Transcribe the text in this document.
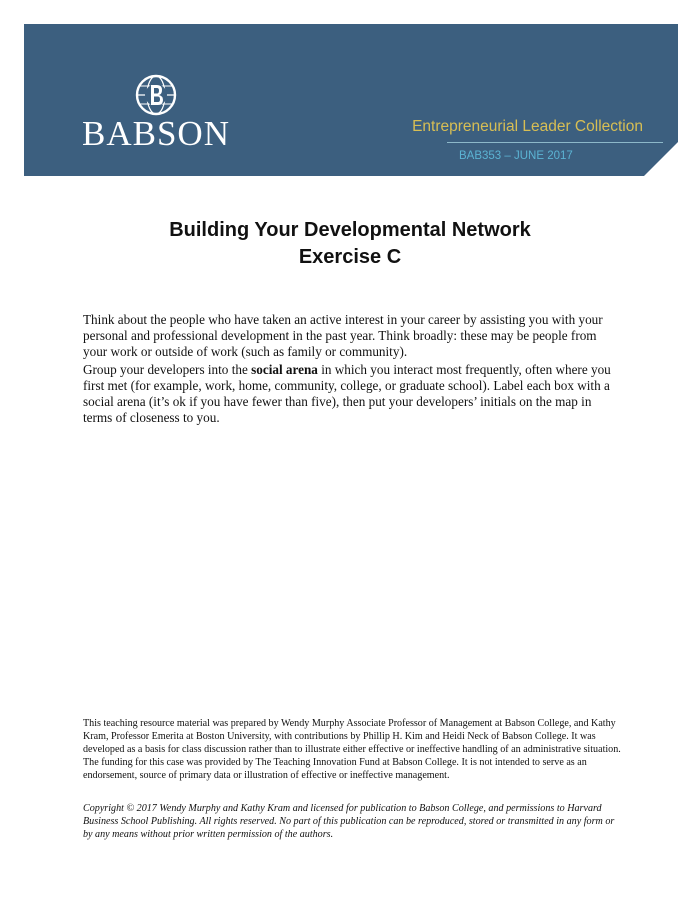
BABSON	Entrepreneurial Leader Collection
BAB353 – JUNE 2017
Building Your Developmental Network
Exercise C

Think about the people who have taken an active interest in your career by assisting you with your personal and professional development in the past year. Think broadly: these may be people from your work or outside of work (such as family or community).

Group your developers into the social arena in which you interact most frequently, often where you first met (for example, work, home, community, college, or graduate school). Label each box with a social arena (it’s ok if you have fewer than five), then put your developers’ initials on the map in terms of closeness to you.

This teaching resource material was prepared by Wendy Murphy Associate Professor of Management at Babson College, and Kathy Kram, Professor Emerita at Boston University, with contributions by Phillip H. Kim and Heidi Neck of Babson College. It was developed as a basis for class discussion rather than to illustrate either effective or ineffective handling of an administrative situation. The funding for this case was provided by The Teaching Innovation Fund at Babson College. It is not intended to serve as an endorsement, source of primary data or illustration of effective or ineffective management.

Copyright © 2017 Wendy Murphy and Kathy Kram and licensed for publication to Babson College, and permissions to Harvard Business School Publishing. All rights reserved. No part of this publication can be reproduced, stored or transmitted in any form or by any means without prior written permission of the authors.
